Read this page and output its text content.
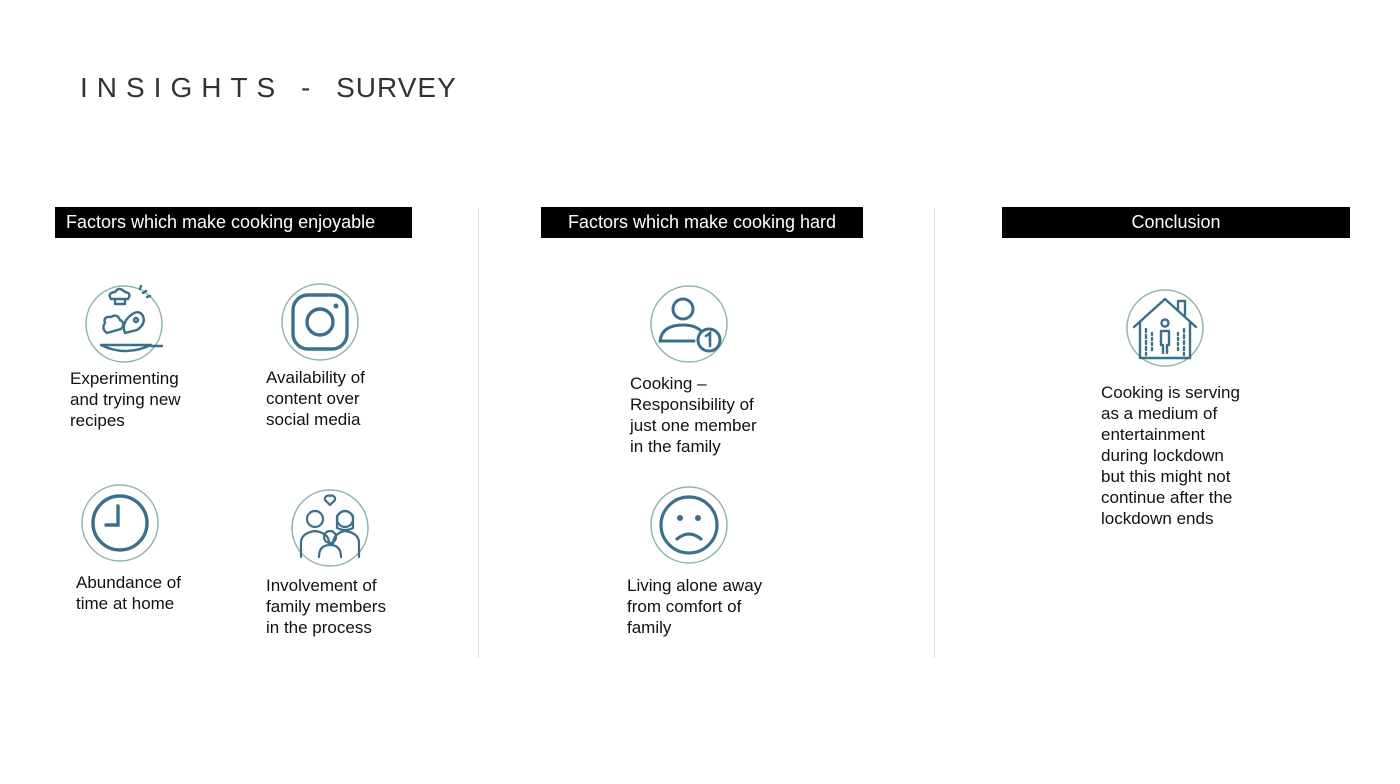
INSIGHTS - SURVEY
Factors which make cooking enjoyable	Factors which make cooking hard	Conclusion
Experimenting
and trying new
recipes
Availability of
content over
social media
Abundance of
time at home
Involvement of
family members
in the process
Cooking –
Responsibility of
just one member
in the family
Living alone away
from comfort of
family
Cooking is serving
as a medium of
entertainment
during lockdown
but this might not
continue after the
lockdown ends
